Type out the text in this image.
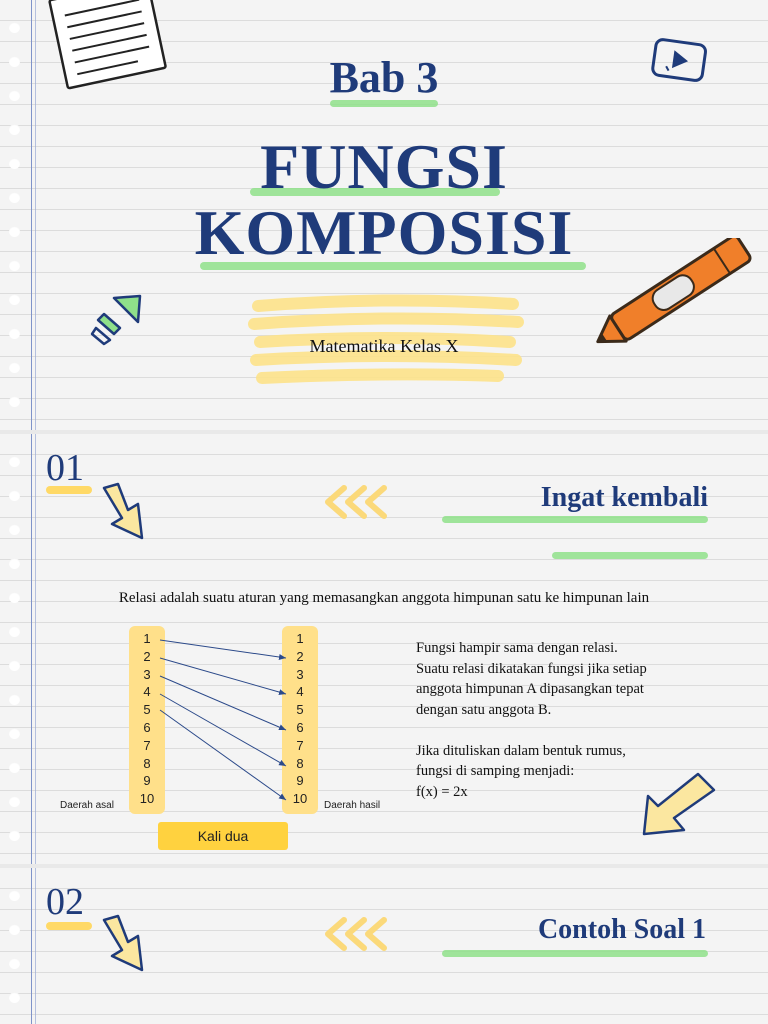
Bab 3
FUNGSI
KOMPOSISI
Matematika Kelas X
01
Ingat kembali
Relasi adalah suatu aturan yang memasangkan anggota himpunan satu ke himpunan lain
Daerah asal	Daerah hasil
Kali dua
Fungsi hampir sama dengan relasi.
Suatu relasi dikatakan fungsi jika setiap
anggota himpunan A dipasangkan tepat
dengan satu anggota B.
Jika dituliskan dalam bentuk rumus,
fungsi di samping menjadi:
f(x) = 2x
1
2
3
4
5
6
7
8
9
10
1
2
3
4
5
6
7
8
9
10
02
Contoh Soal 1
